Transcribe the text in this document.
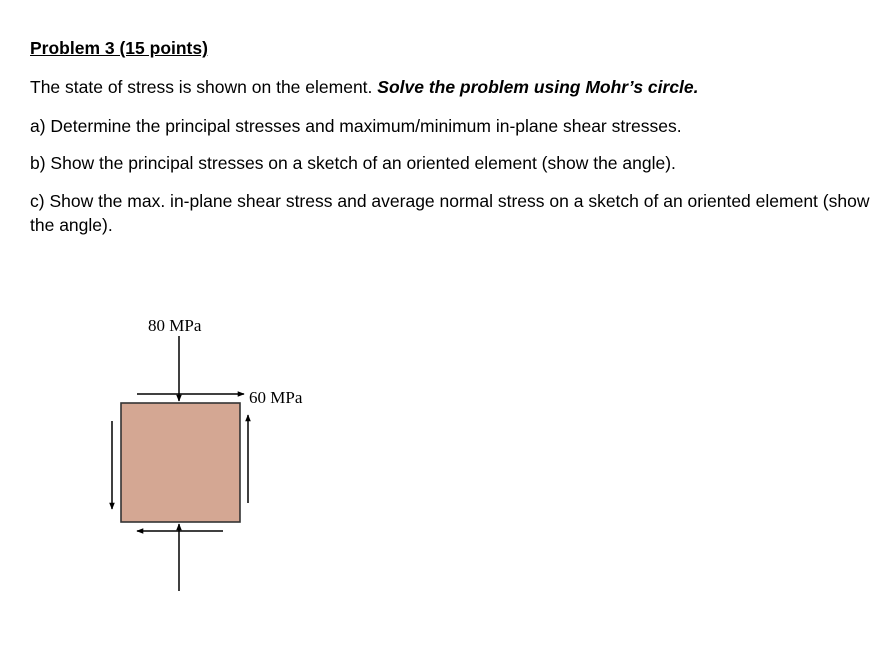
Problem 3 (15 points)
The state of stress is shown on the element. Solve the problem using Mohr’s circle.
a) Determine the principal stresses and maximum/minimum in-plane shear stresses.
b) Show the principal stresses on a sketch of an oriented element (show the angle).
c) Show the max. in-plane shear stress and average normal stress on a sketch of an oriented element (show the angle).
80 MPa
60 MPa
